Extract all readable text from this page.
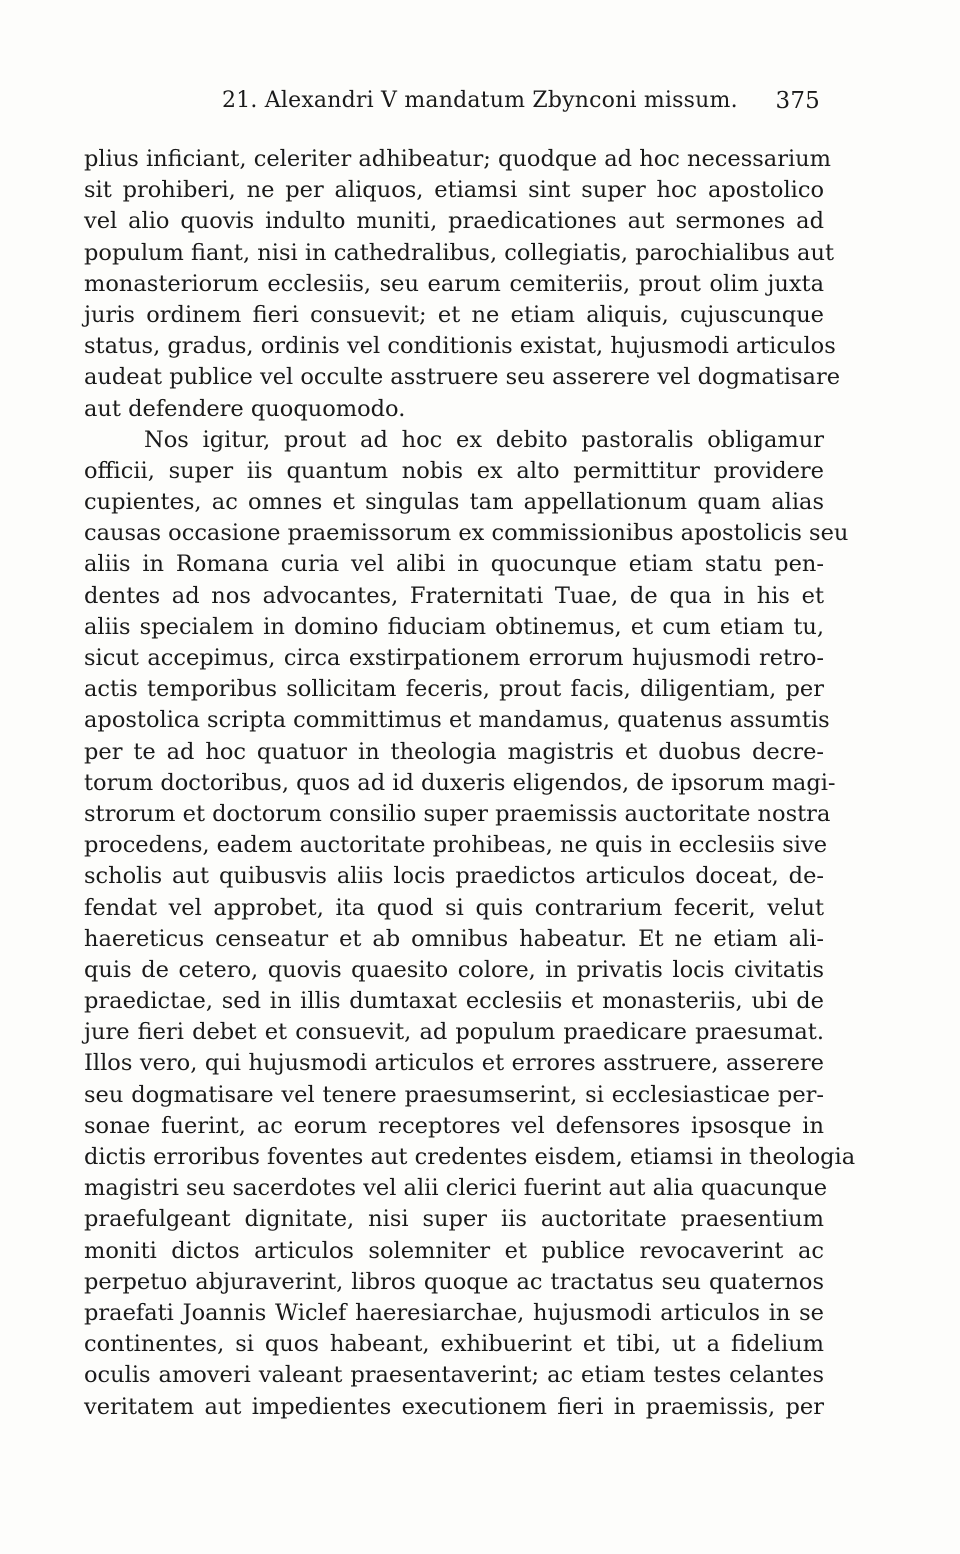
21. Alexandri V mandatum Zbynconi missum. 375
plius inficiant, celeriter adhibeatur; quodque ad hoc necessarium
sit prohiberi, ne per aliquos, etiamsi sint super hoc apostolico
vel alio quovis indulto muniti, praedicationes aut sermones ad
populum fiant, nisi in cathedralibus, collegiatis, parochialibus aut
monasteriorum ecclesiis, seu earum cemiteriis, prout olim juxta
juris ordinem fieri consuevit; et ne etiam aliquis, cujuscunque
status, gradus, ordinis vel conditionis existat, hujusmodi articulos
audeat publice vel occulte asstruere seu asserere vel dogmatisare
aut defendere quoquomodo.
Nos igitur, prout ad hoc ex debito pastoralis obligamur
officii, super iis quantum nobis ex alto permittitur providere
cupientes, ac omnes et singulas tam appellationum quam alias
causas occasione praemissorum ex commissionibus apostolicis seu
aliis in Romana curia vel alibi in quocunque etiam statu pen-
dentes ad nos advocantes, Fraternitati Tuae, de qua in his et
aliis specialem in domino fiduciam obtinemus, et cum etiam tu,
sicut accepimus, circa exstirpationem errorum hujusmodi retro-
actis temporibus sollicitam feceris, prout facis, diligentiam, per
apostolica scripta committimus et mandamus, quatenus assumtis
per te ad hoc quatuor in theologia magistris et duobus decre-
torum doctoribus, quos ad id duxeris eligendos, de ipsorum magi-
strorum et doctorum consilio super praemissis auctoritate nostra
procedens, eadem auctoritate prohibeas, ne quis in ecclesiis sive
scholis aut quibusvis aliis locis praedictos articulos doceat, de-
fendat vel approbet, ita quod si quis contrarium fecerit, velut
haereticus censeatur et ab omnibus habeatur. Et ne etiam ali-
quis de cetero, quovis quaesito colore, in privatis locis civitatis
praedictae, sed in illis dumtaxat ecclesiis et monasteriis, ubi de
jure fieri debet et consuevit, ad populum praedicare praesumat.
Illos vero, qui hujusmodi articulos et errores asstruere, asserere
seu dogmatisare vel tenere praesumserint, si ecclesiasticae per-
sonae fuerint, ac eorum receptores vel defensores ipsosque in
dictis erroribus foventes aut credentes eisdem, etiamsi in theologia
magistri seu sacerdotes vel alii clerici fuerint aut alia quacunque
praefulgeant dignitate, nisi super iis auctoritate praesentium
moniti dictos articulos solemniter et publice revocaverint ac
perpetuo abjuraverint, libros quoque ac tractatus seu quaternos
praefati Joannis Wiclef haeresiarchae, hujusmodi articulos in se
continentes, si quos habeant, exhibuerint et tibi, ut a fidelium
oculis amoveri valeant praesentaverint; ac etiam testes celantes
veritatem aut impedientes executionem fieri in praemissis, per
